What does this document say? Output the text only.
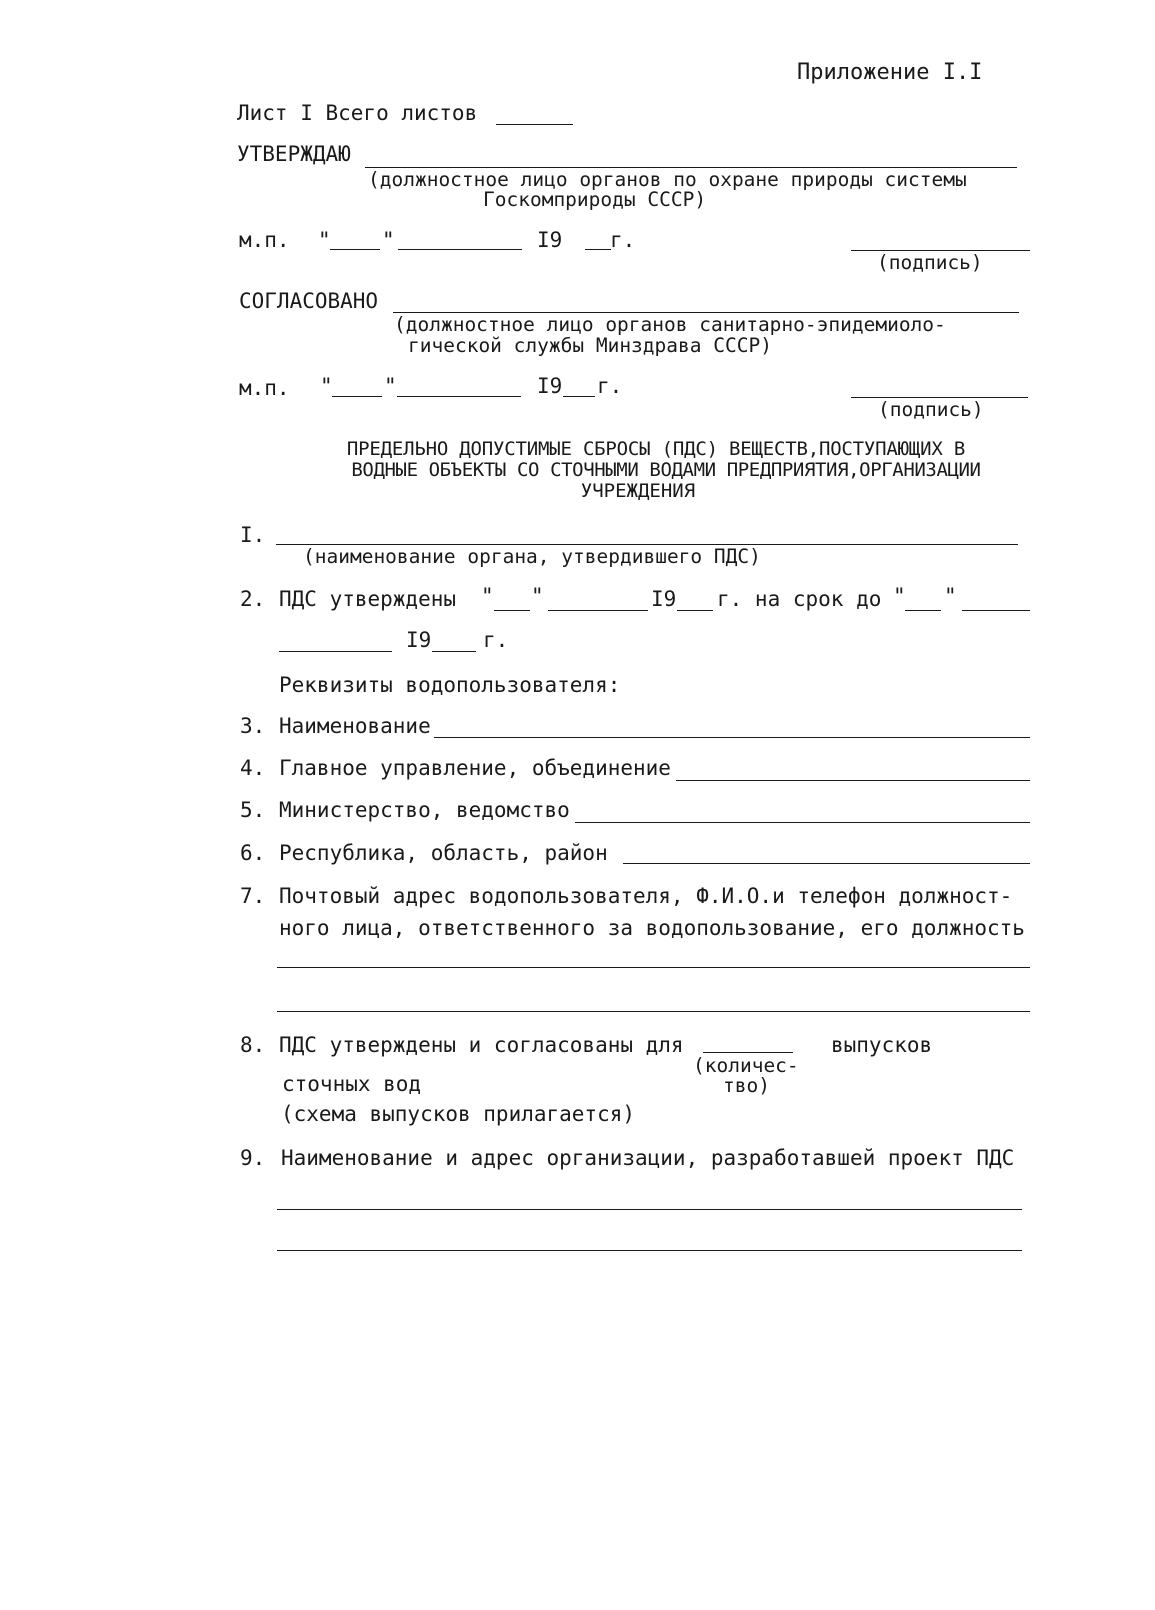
Приложение I.I
Лист I Всего листов
УТВЕРЖДАЮ
(должностное лицо органов по охране природы системы
Госкомприроды СССР)
м.п. " "	I9 г.
(подпись)
СОГЛАСОВАНО
(должностное лицо органов санитарно-эпидемиоло-
гической службы Минздрава СССР)
м.п. " "	I9 г.
(подпись)
ПРЕДЕЛЬНО ДОПУСТИМЫЕ СБРОСЫ (ПДС) ВЕЩЕСТВ,ПОСТУПАЮЩИХ В
ВОДНЫЕ ОБЪЕКТЫ СО СТОЧНЫМИ ВОДАМИ ПРЕДПРИЯТИЯ,ОРГАНИЗАЦИИ
УЧРЕЖДЕНИЯ
I.
(наименование органа, утвердившего ПДС)
2. ПДС утверждены " "	I9 г. на срок до " "
I9 г.
Реквизиты водопользователя:
3. Наименование
4. Главное управление, объединение
5. Министерство, ведомство
6. Республика, область, район
7. Почтовый адрес водопользователя, Ф.И.О.и телефон должност-
ного лица, ответственного за водопользование, его должность
8. ПДС утверждены и согласованы для	выпусков
(количес-
сточных вод	тво)
(схема выпусков прилагается)
9. Наименование и адрес организации, разработавшей проект ПДС
